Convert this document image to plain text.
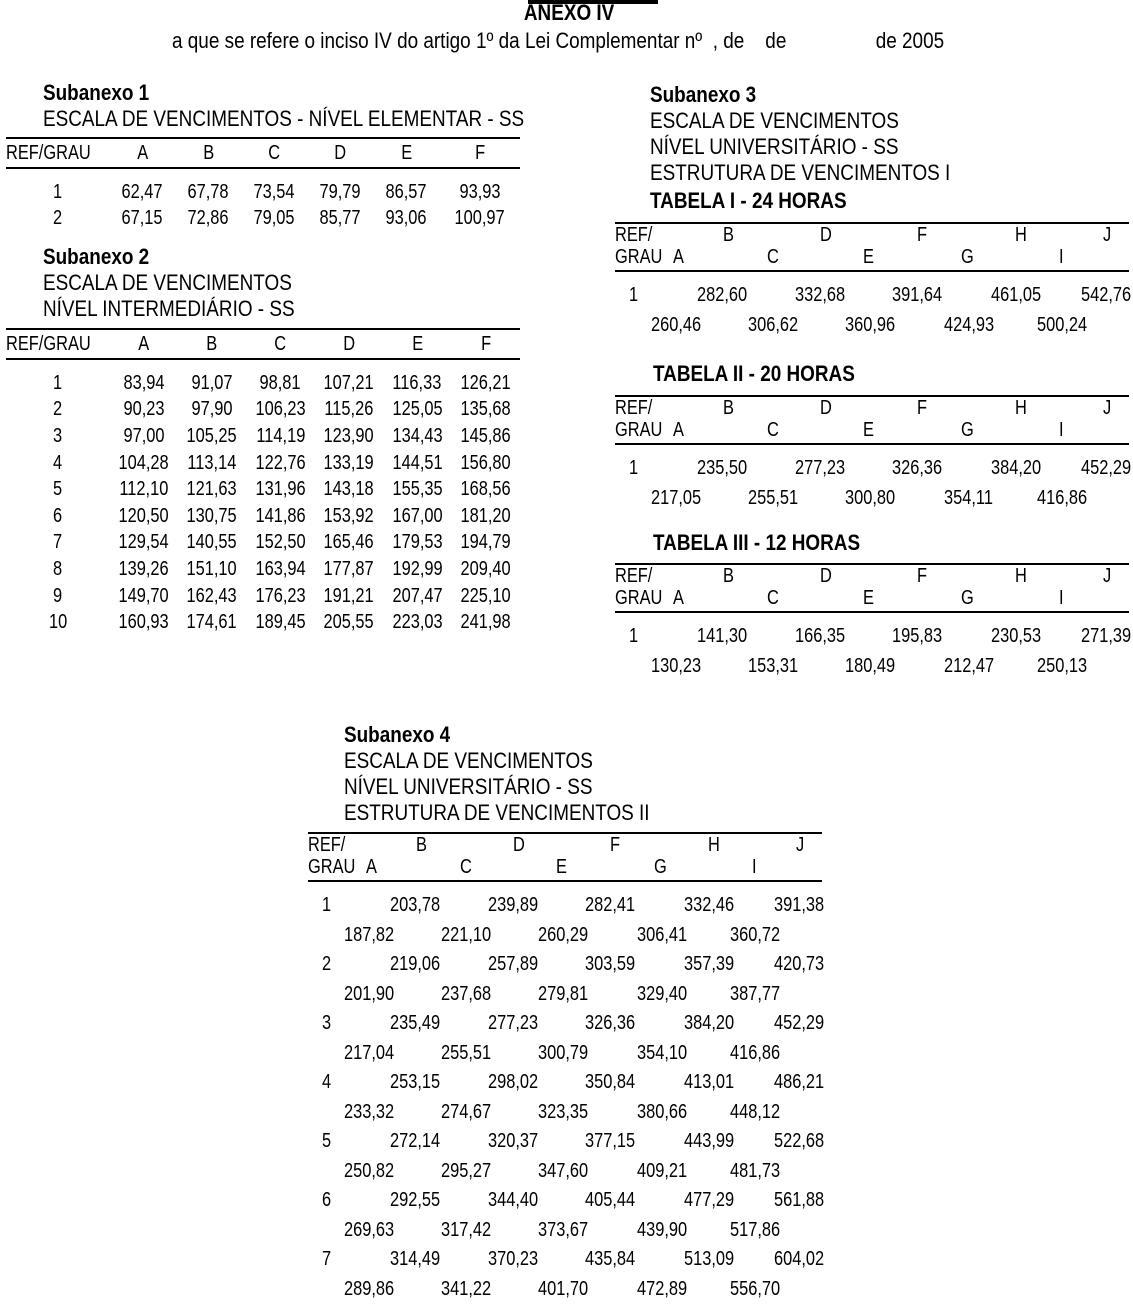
ANEXO IV
a que se refere o inciso IV do artigo 1º da Lei Complementar nº  , de    de                 de 2005
Subanexo 1
ESCALA DE VENCIMENTOS - NÍVEL ELEMENTAR - SS
REF/GRAU	A	B	C	D	E	F
1	62,47	67,78	73,54	79,79	86,57	93,93
2	67,15	72,86	79,05	85,77	93,06	100,97
Subanexo 2
ESCALA DE VENCIMENTOS
NÍVEL INTERMEDIÁRIO - SS
REF/GRAU	A	B	C	D	E	F
1	83,94	91,07	98,81	107,21	116,33	126,21
2	90,23	97,90	106,23	115,26	125,05	135,68
3	97,00	105,25	114,19	123,90	134,43	145,86
4	104,28	113,14	122,76	133,19	144,51	156,80
5	112,10	121,63	131,96	143,18	155,35	168,56
6	120,50	130,75	141,86	153,92	167,00	181,20
7	129,54	140,55	152,50	165,46	179,53	194,79
8	139,26	151,10	163,94	177,87	192,99	209,40
9	149,70	162,43	176,23	191,21	207,47	225,10
10	160,93	174,61	189,45	205,55	223,03	241,98
Subanexo 3
ESCALA DE VENCIMENTOS
NÍVEL UNIVERSITÁRIO - SS
ESTRUTURA DE VENCIMENTOS I
TABELA I - 24 HORAS
REF/	B	D	F	H	J
GRAU A	C	E	G	I
1	282,60 332,68 391,64 461,05 542,76
260,46 306,62 360,96 424,93 500,24
TABELA II - 20 HORAS
REF/	B	D	F	H	J
GRAU A	C	E	G	I
1	235,50 277,23 326,36 384,20 452,29
217,05 255,51 300,80 354,11 416,86
TABELA III - 12 HORAS
REF/	B	D	F	H	J
GRAU A	C	E	G	I
1	141,30 166,35 195,83 230,53 271,39
130,23 153,31 180,49 212,47 250,13
Subanexo 4
ESCALA DE VENCIMENTOS
NÍVEL UNIVERSITÁRIO - SS
ESTRUTURA DE VENCIMENTOS II
REF/	B	D	F	H	J
GRAU A	C	E	G	I
1	203,78 239,89 282,41 332,46 391,38
187,82 221,10 260,29 306,41 360,72
2	219,06 257,89 303,59 357,39 420,73
201,90 237,68 279,81 329,40 387,77
3	235,49 277,23 326,36 384,20 452,29
217,04 255,51 300,79 354,10 416,86
4	253,15 298,02 350,84 413,01 486,21
233,32 274,67 323,35 380,66 448,12
5	272,14 320,37 377,15 443,99 522,68
250,82 295,27 347,60 409,21 481,73
6	292,55 344,40 405,44 477,29 561,88
269,63 317,42 373,67 439,90 517,86
7	314,49 370,23 435,84 513,09 604,02
289,86 341,22 401,70 472,89 556,70
